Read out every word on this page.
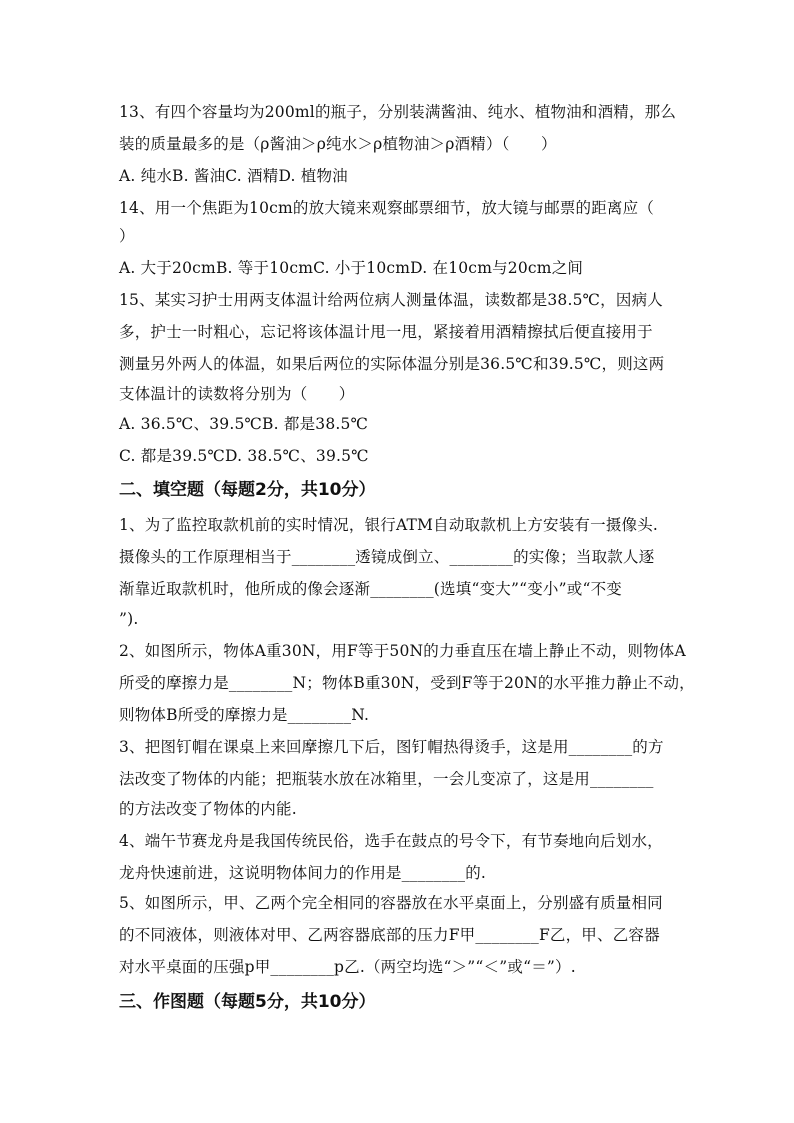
13、有四个容量均为200ml的瓶子，分别装满酱油、纯水、植物油和酒精，那么
装的质量最多的是（ρ酱油＞ρ纯水＞ρ植物油＞ρ酒精）（　　）
A. 纯水B. 酱油C. 酒精D. 植物油
14、用一个焦距为10cm的放大镜来观察邮票细节，放大镜与邮票的距离应（
）
A. 大于20cmB. 等于10cmC. 小于10cmD. 在10cm与20cm之间
15、某实习护士用两支体温计给两位病人测量体温，读数都是38.5℃，因病人
多，护士一时粗心，忘记将该体温计甩一甩，紧接着用酒精擦拭后便直接用于
测量另外两人的体温，如果后两位的实际体温分别是36.5℃和39.5℃，则这两
支体温计的读数将分别为（　　）
A. 36.5℃、39.5℃B. 都是38.5℃
C. 都是39.5℃D. 38.5℃、39.5℃
二、填空题（每题2分，共10分）
1、为了监控取款机前的实时情况，银行ATM自动取款机上方安装有一摄像头.
摄像头的工作原理相当于________透镜成倒立、________的实像；当取款人逐
渐靠近取款机时，他所成的像会逐渐________(选填“变大”“变小”或“不变
”).
2、如图所示，物体A重30N，用F等于50N的力垂直压在墙上静止不动，则物体A
所受的摩擦力是________N；物体B重30N，受到F等于20N的水平推力静止不动，
则物体B所受的摩擦力是________N.
3、把图钉帽在课桌上来回摩擦几下后，图钉帽热得烫手，这是用________的方
法改变了物体的内能；把瓶装水放在冰箱里，一会儿变凉了，这是用________
的方法改变了物体的内能.
4、端午节赛龙舟是我国传统民俗，选手在鼓点的号令下，有节奏地向后划水，
龙舟快速前进，这说明物体间力的作用是________的.
5、如图所示，甲、乙两个完全相同的容器放在水平桌面上，分别盛有质量相同
的不同液体，则液体对甲、乙两容器底部的压力F甲________F乙，甲、乙容器
对水平桌面的压强p甲________p乙.（两空均选“＞”“＜”或“＝”）.
三、作图题（每题5分，共10分）
